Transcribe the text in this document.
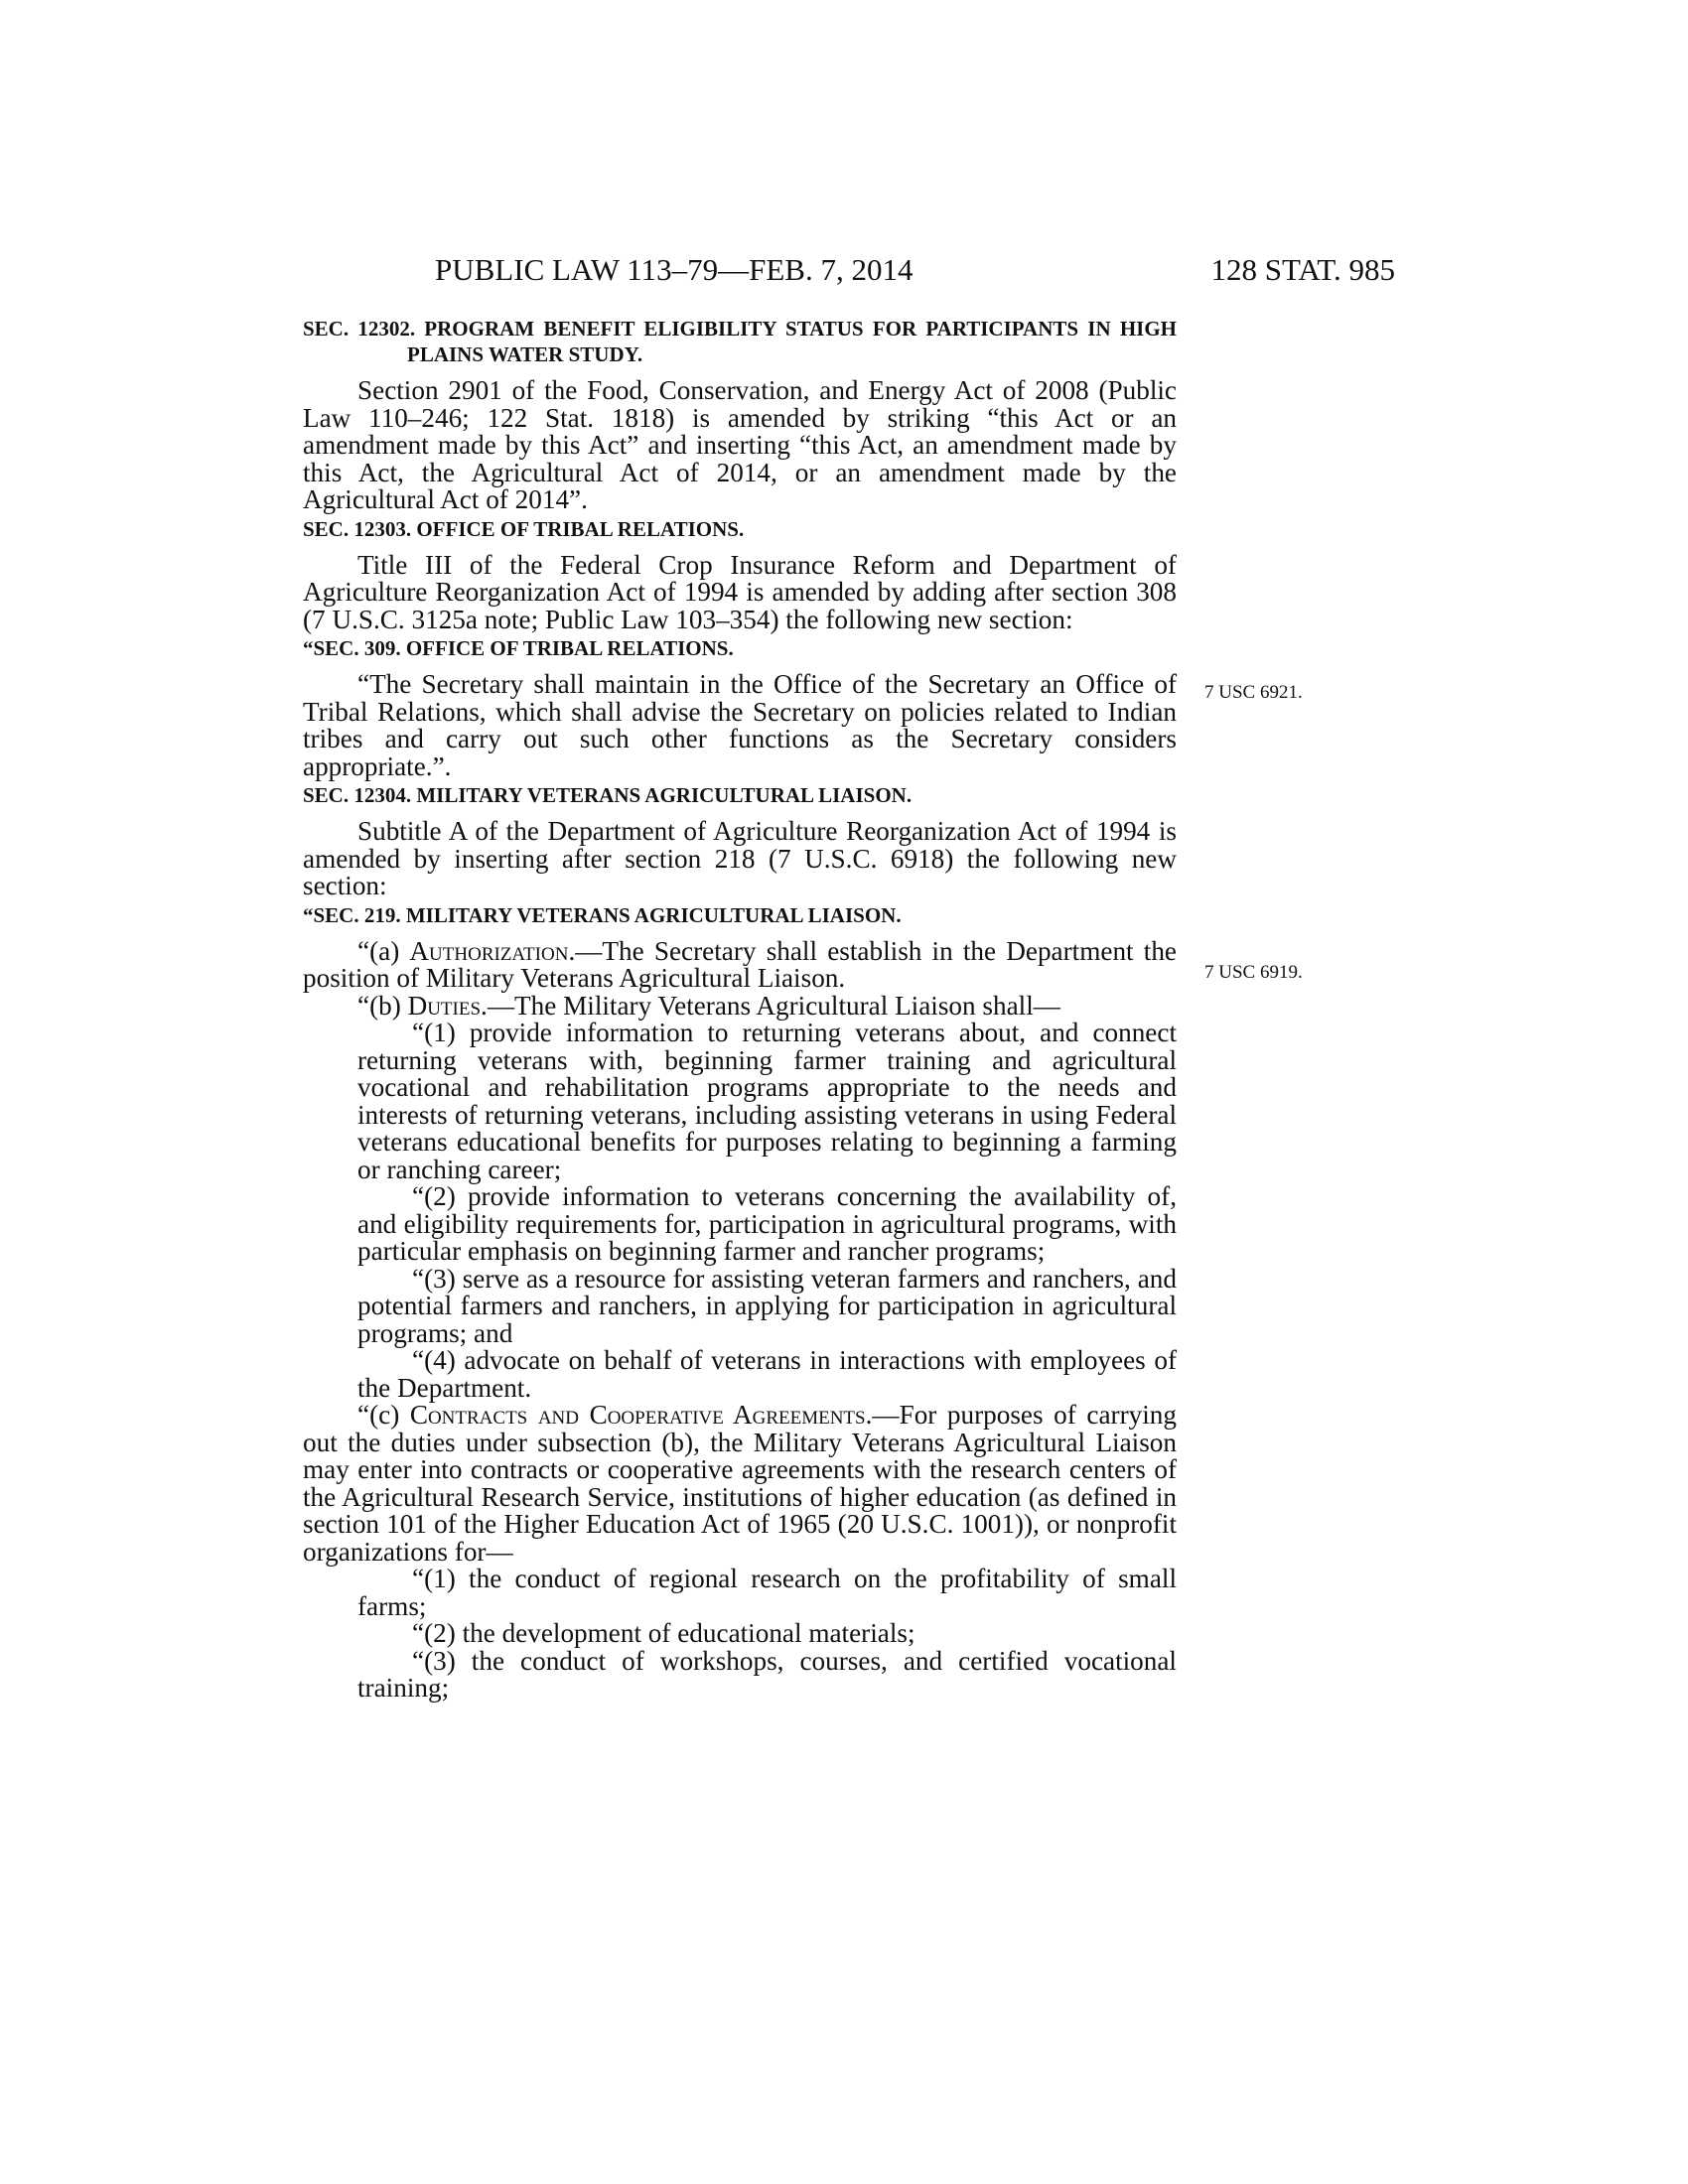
PUBLIC LAW 113–79—FEB. 7, 2014	128 STAT. 985
7 USC 6921.
7 USC 6919.
SEC. 12302. PROGRAM BENEFIT ELIGIBILITY STATUS FOR PARTICIPANTS IN HIGH PLAINS WATER STUDY.

Section 2901 of the Food, Conservation, and Energy Act of 2008 (Public Law 110–246; 122 Stat. 1818) is amended by striking “this Act or an amendment made by this Act” and inserting “this Act, an amendment made by this Act, the Agricultural Act of 2014, or an amendment made by the Agricultural Act of 2014”.

SEC. 12303. OFFICE OF TRIBAL RELATIONS.

Title III of the Federal Crop Insurance Reform and Department of Agriculture Reorganization Act of 1994 is amended by adding after section 308 (7 U.S.C. 3125a note; Public Law 103–354) the following new section:

“SEC. 309. OFFICE OF TRIBAL RELATIONS.

“The Secretary shall maintain in the Office of the Secretary an Office of Tribal Relations, which shall advise the Secretary on policies related to Indian tribes and carry out such other functions as the Secretary considers appropriate.”.

SEC. 12304. MILITARY VETERANS AGRICULTURAL LIAISON.

Subtitle A of the Department of Agriculture Reorganization Act of 1994 is amended by inserting after section 218 (7 U.S.C. 6918) the following new section:

“SEC. 219. MILITARY VETERANS AGRICULTURAL LIAISON.

“(a) Authorization.—The Secretary shall establish in the Department the position of Military Veterans Agricultural Liaison.

“(b) Duties.—The Military Veterans Agricultural Liaison shall—

“(1) provide information to returning veterans about, and connect returning veterans with, beginning farmer training and agricultural vocational and rehabilitation programs appropriate to the needs and interests of returning veterans, including assisting veterans in using Federal veterans educational benefits for purposes relating to beginning a farming or ranching career;
“(2) provide information to veterans concerning the availability of, and eligibility requirements for, participation in agricultural programs, with particular emphasis on beginning farmer and rancher programs;
“(3) serve as a resource for assisting veteran farmers and ranchers, and potential farmers and ranchers, in applying for participation in agricultural programs; and
“(4) advocate on behalf of veterans in interactions with employees of the Department.

“(c) Contracts and Cooperative Agreements.—For purposes of carrying out the duties under subsection (b), the Military Veterans Agricultural Liaison may enter into contracts or cooperative agreements with the research centers of the Agricultural Research Service, institutions of higher education (as defined in section 101 of the Higher Education Act of 1965 (20 U.S.C. 1001)), or nonprofit organizations for—

“(1) the conduct of regional research on the profitability of small farms;
“(2) the development of educational materials;
“(3) the conduct of workshops, courses, and certified vocational training;
